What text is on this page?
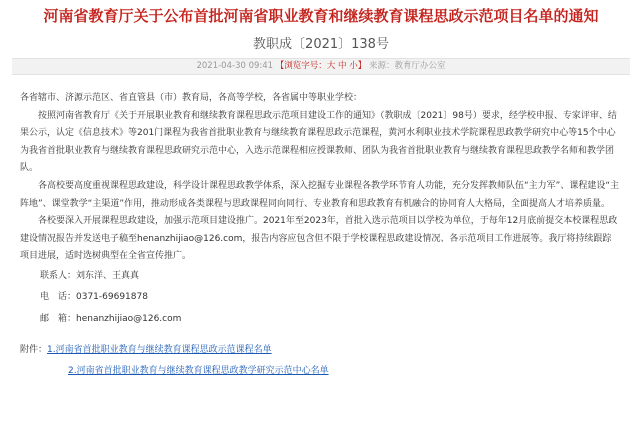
河南省教育厅关于公布首批河南省职业教育和继续教育课程思政示范项目名单的通知
教职成〔2021〕138号
2021-04-30 09:41 【浏览字号：大 中 小】 来源：教育厅办公室

各省辖市、济源示范区、省直管县（市）教育局，各高等学校，各省属中等职业学校：

按照河南省教育厅《关于开展职业教育和继续教育课程思政示范项目建设工作的通知》（教职成〔2021〕98号）要求，经学校申报、专家评审、结果公示，认定《信息技术》等201门课程为我省首批职业教育与继续教育课程思政示范课程，黄河水利职业技术学院课程思政教学研究中心等15个中心为我省首批职业教育与继续教育课程思政研究示范中心，入选示范课程相应授课教师、团队为我省首批职业教育与继续教育课程思政教学名师和教学团队。

各高校要高度重视课程思政建设，科学设计课程思政教学体系，深入挖掘专业课程各教学环节育人功能，充分发挥教师队伍“主力军”、课程建设“主阵地”、课堂教学“主渠道”作用，推动形成各类课程与思政课程同向同行、专业教育和思政教育有机融合的协同育人大格局，全面提高人才培养质量。

各校要深入开展课程思政建设，加强示范项目建设推广。2021年至2023年，首批入选示范项目以学校为单位，于每年12月底前提交本校课程思政建设情况报告并发送电子稿至henanzhijiao@126.com，报告内容应包含但不限于学校课程思政建设情况、各示范项目工作进展等。我厅将持续跟踪项目进展，适时选树典型在全省宣传推广。

联系人：刘东洋、王真真

电　话：0371-69691878

邮　箱：henanzhijiao@126.com

附件：1.河南省首批职业教育与继续教育课程思政示范课程名单

2.河南省首批职业教育与继续教育课程思政教学研究示范中心名单
